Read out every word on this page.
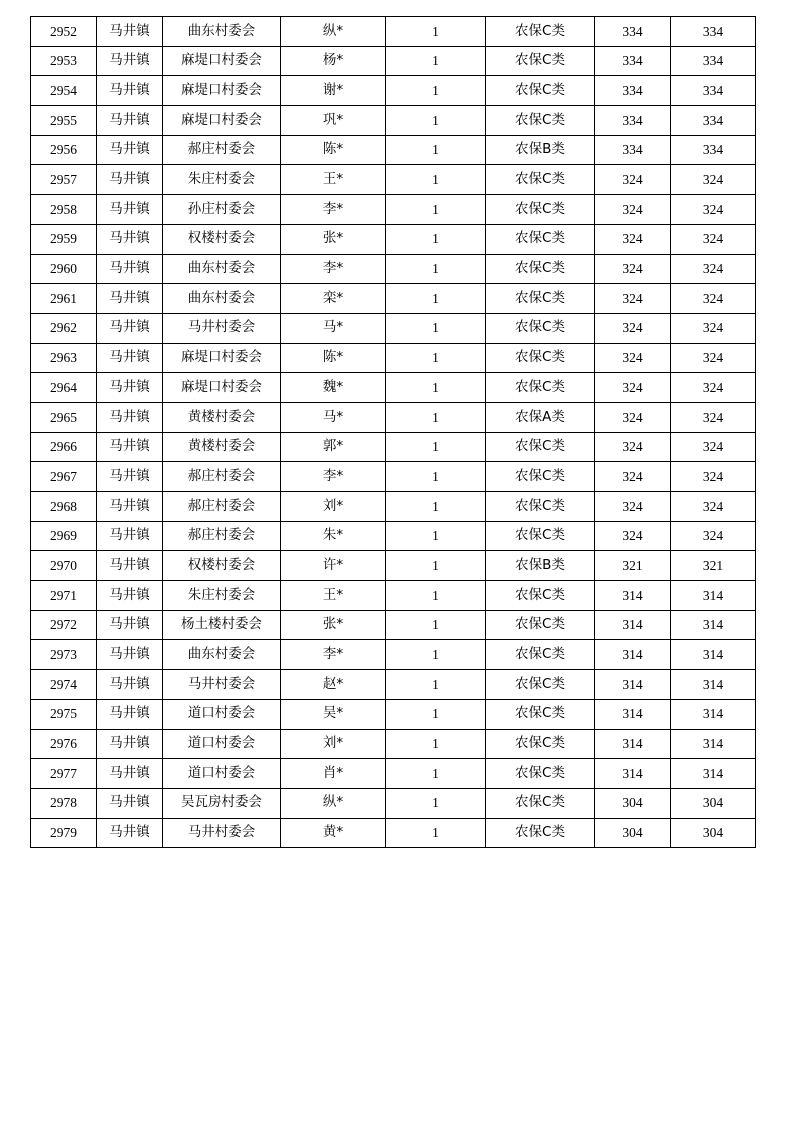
2952	马井镇	曲东村委会	纵*	1	农保C类	334	334
2953	马井镇	麻堤口村委会	杨*	1	农保C类	334	334
2954	马井镇	麻堤口村委会	谢*	1	农保C类	334	334
2955	马井镇	麻堤口村委会	巩*	1	农保C类	334	334
2956	马井镇	郝庄村委会	陈*	1	农保B类	334	334
2957	马井镇	朱庄村委会	王*	1	农保C类	324	324
2958	马井镇	孙庄村委会	李*	1	农保C类	324	324
2959	马井镇	权楼村委会	张*	1	农保C类	324	324
2960	马井镇	曲东村委会	李*	1	农保C类	324	324
2961	马井镇	曲东村委会	栾*	1	农保C类	324	324
2962	马井镇	马井村委会	马*	1	农保C类	324	324
2963	马井镇	麻堤口村委会	陈*	1	农保C类	324	324
2964	马井镇	麻堤口村委会	魏*	1	农保C类	324	324
2965	马井镇	黄楼村委会	马*	1	农保A类	324	324
2966	马井镇	黄楼村委会	郭*	1	农保C类	324	324
2967	马井镇	郝庄村委会	李*	1	农保C类	324	324
2968	马井镇	郝庄村委会	刘*	1	农保C类	324	324
2969	马井镇	郝庄村委会	朱*	1	农保C类	324	324
2970	马井镇	权楼村委会	许*	1	农保B类	321	321
2971	马井镇	朱庄村委会	王*	1	农保C类	314	314
2972	马井镇	杨土楼村委会	张*	1	农保C类	314	314
2973	马井镇	曲东村委会	李*	1	农保C类	314	314
2974	马井镇	马井村委会	赵*	1	农保C类	314	314
2975	马井镇	道口村委会	吴*	1	农保C类	314	314
2976	马井镇	道口村委会	刘*	1	农保C类	314	314
2977	马井镇	道口村委会	肖*	1	农保C类	314	314
2978	马井镇	吴瓦房村委会	纵*	1	农保C类	304	304
2979	马井镇	马井村委会	黄*	1	农保C类	304	304
